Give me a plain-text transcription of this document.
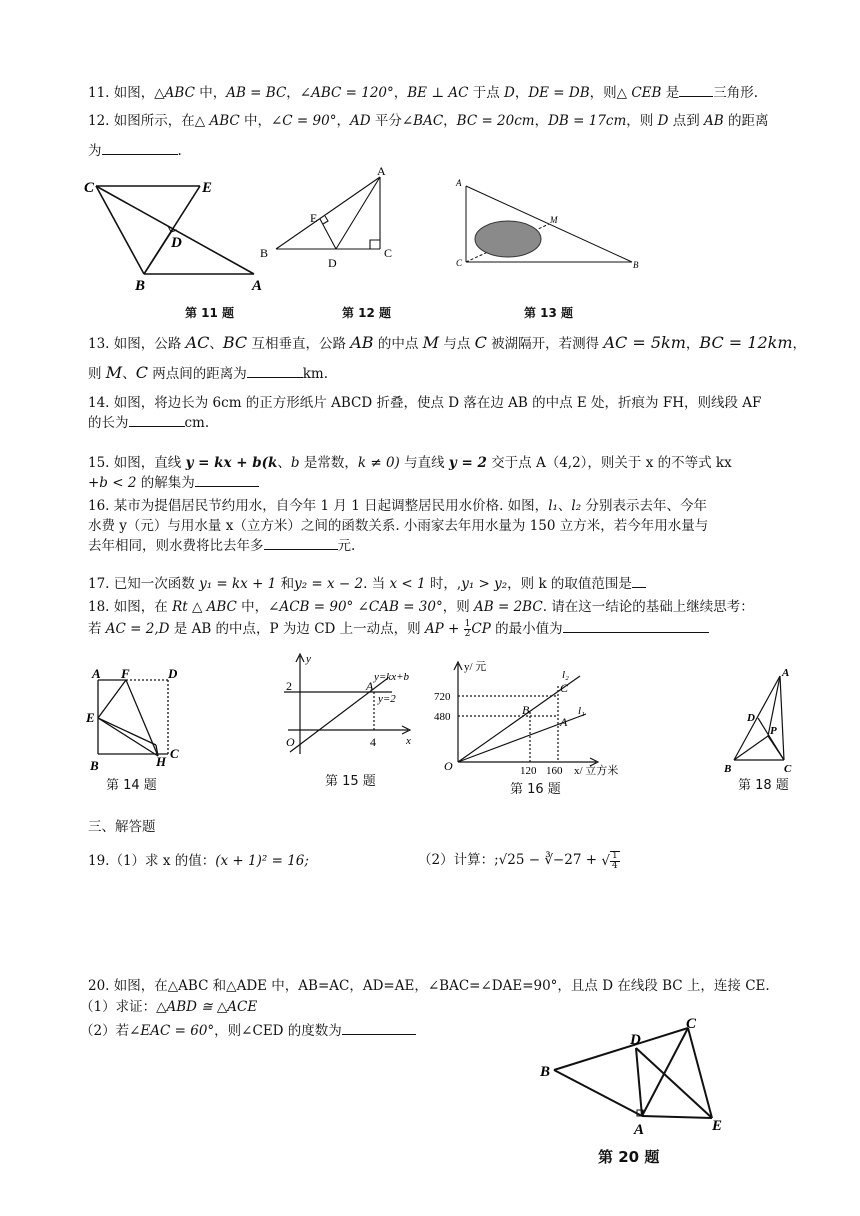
11. 如图，△ABC 中，AB = BC，∠ABC = 120°，BE ⊥ AC 于点 D，DE = DB，则△ CEB 是	三角形.
12. 如图所示，在△ ABC 中，∠C = 90°，AD 平分∠BAC，BC = 20cm，DB = 17cm，则 D 点到 AB 的距离
为	.
C	E
D
B	A
第 11 题
A
E
B
D
C
第 12 题
A
M
C	B
第 13 题
13. 如图，公路 AC、BC 互相垂直，公路 AB 的中点 M 与点 C 被湖隔开，若测得 AC = 5km，BC = 12km，
则 M、C 两点间的距离为	km.
14. 如图，将边长为 6cm 的正方形纸片 ABCD 折叠，使点 D 落在边 AB 的中点 E 处，折痕为 FH，则线段 AF
的长为	cm.
15. 如图，直线 y = kx + b(k、b 是常数，k ≠ 0) 与直线 y = 2 交于点 A（4,2），则关于 x 的不等式 kx
+b < 2 的解集为
16. 某市为提倡居民节约用水，自今年 1 月 1 日起调整居民用水价格. 如图，l₁、l₂ 分别表示去年、今年
水费 y（元）与用水量 x（立方米）之间的函数关系. 小雨家去年用水量为 150 立方米，若今年用水量与
去年相同，则水费将比去年多	元.
17. 已知一次函数 y₁ = kx + 1 和y₂ = x − 2. 当 x < 1 时，,y₁ > y₂，则 k 的取值范围是
18. 如图，在 Rt △ ABC 中，∠ACB = 90° ∠CAB = 30°，则 AB = 2BC. 请在这一结论的基础上继续思考：
若 AC = 2,D 是 AB 的中点，P 为边 CD 上一动点，则 AP + $\frac{1}{2}$ CP 的最小值为
A F	D
E
B	H
C
第 14 题
y
y=kx+b
y=2
2	A
O	4	x
第 15 题
y/ 元
720
480
l₂
l₁
C
B
A
O	120 160 x/ 立方米
第 16 题
A
D
P
B	C
第 18 题
三、解答题
19.（1）求 x 的值：(x + 1)² = 16;	（2）计算：;√25 − ∛−27 + √ $\frac{1}{4}$
20. 如图，在△ABC 和△ADE 中，AB=AC，AD=AE，∠BAC=∠DAE=90°，且点 D 在线段 BC 上，连接 CE.
（1）求证：△ABD ≅ △ACE
（2）若∠EAC = 60°，则∠CED 的度数为
D
C
B
A	E
第 20 题
